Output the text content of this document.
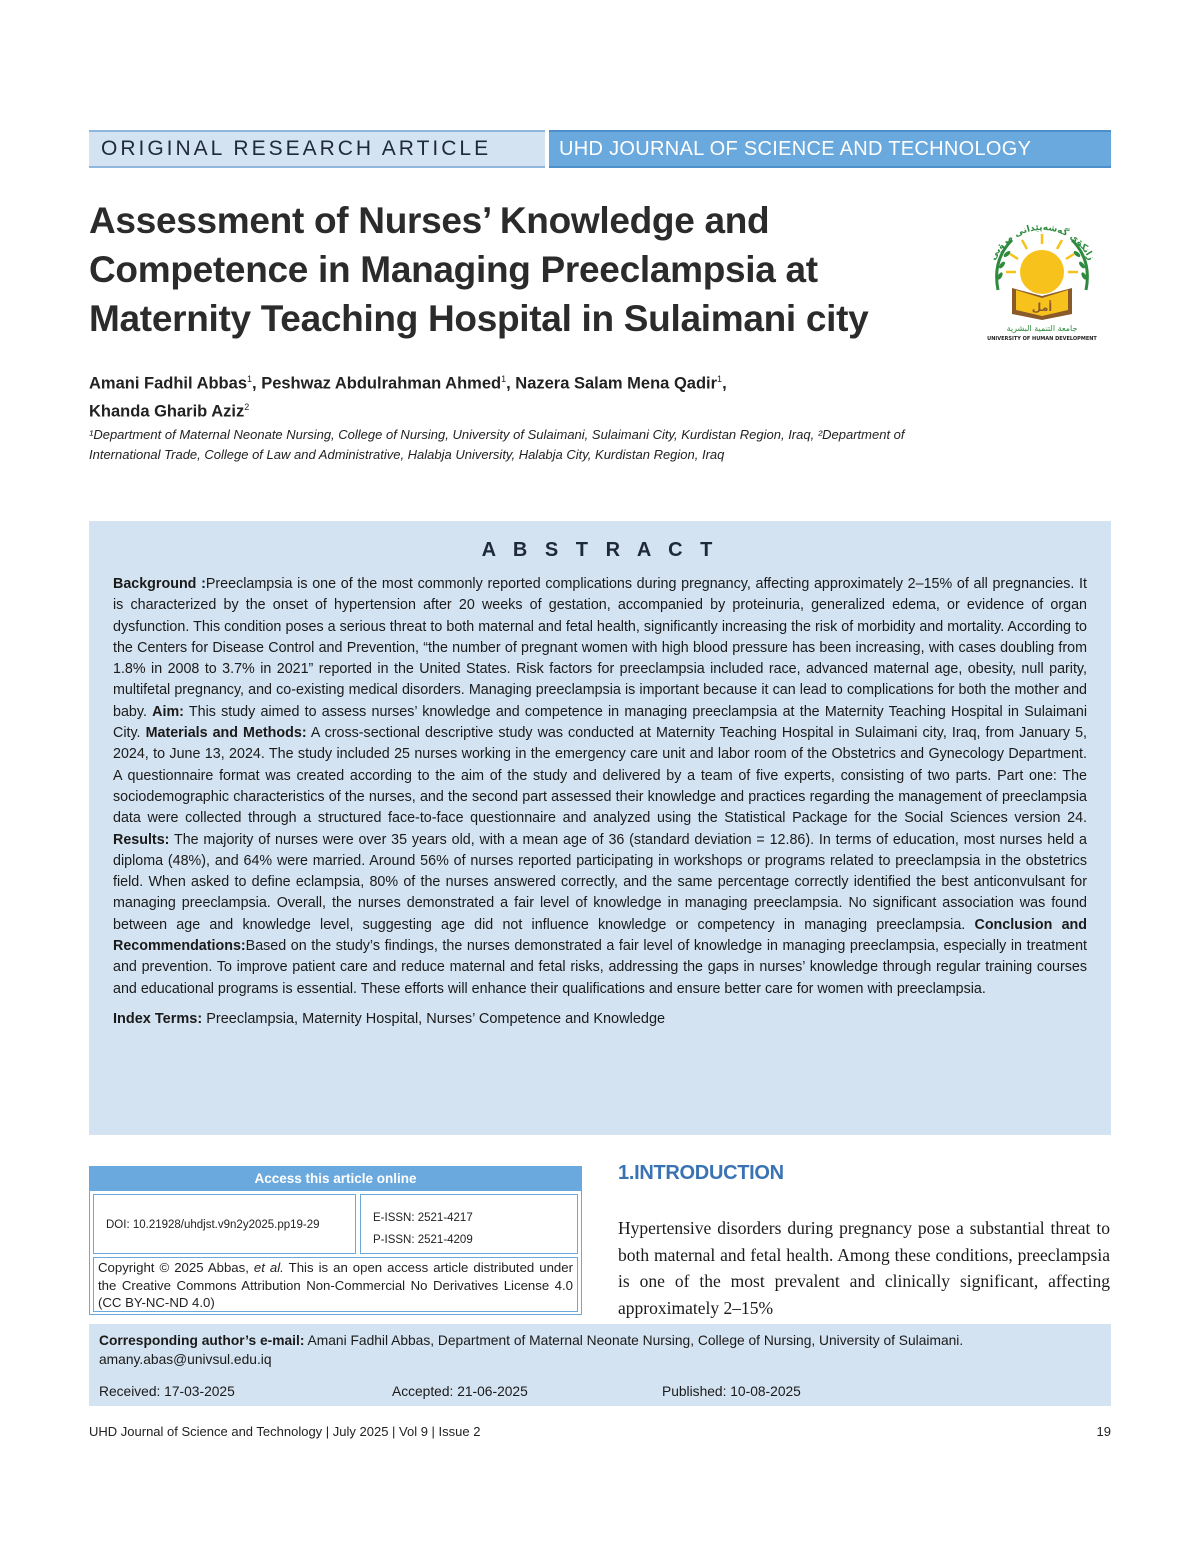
ORIGINAL RESEARCH ARTICLE	UHD JOURNAL OF SCIENCE AND TECHNOLOGY
Assessment of Nurses’ Knowledge and Competence in Managing Preeclampsia at Maternity Teaching Hospital in Sulaimani city
زانکۆی گەشەپێدانی مرۆیی
أمل
جامعة التنمية البشرية
UNIVERSITY OF HUMAN DEVELOPMENT
Amani Fadhil Abbas$^1$, Peshwaz Abdulrahman Ahmed$^1$, Nazera Salam Mena Qadir$^1$,
Khanda Gharib Aziz$^2$
¹Department of Maternal Neonate Nursing, College of Nursing, University of Sulaimani, Sulaimani City, Kurdistan Region, Iraq, ²Department of International Trade, College of Law and Administrative, Halabja University, Halabja City, Kurdistan Region, Iraq
A B S T R A C T

Background :Preeclampsia is one of the most commonly reported complications during pregnancy, affecting approximately 2–15% of all pregnancies. It is characterized by the onset of hypertension after 20 weeks of gestation, accompanied by proteinuria, generalized edema, or evidence of organ dysfunction. This condition poses a serious threat to both maternal and fetal health, significantly increasing the risk of morbidity and mortality. According to the Centers for Disease Control and Prevention, “the number of pregnant women with high blood pressure has been increasing, with cases doubling from 1.8% in 2008 to 3.7% in 2021” reported in the United States. Risk factors for preeclampsia included race, advanced maternal age, obesity, null parity, multifetal pregnancy, and co-existing medical disorders. Managing preeclampsia is important because it can lead to complications for both the mother and baby. Aim: This study aimed to assess nurses’ knowledge and competence in managing preeclampsia at the Maternity Teaching Hospital in Sulaimani City. Materials and Methods: A cross-sectional descriptive study was conducted at Maternity Teaching Hospital in Sulaimani city, Iraq, from January 5, 2024, to June 13, 2024. The study included 25 nurses working in the emergency care unit and labor room of the Obstetrics and Gynecology Department. A questionnaire format was created according to the aim of the study and delivered by a team of five experts, consisting of two parts. Part one: The sociodemographic characteristics of the nurses, and the second part assessed their knowledge and practices regarding the management of preeclampsia data were collected through a structured face-to-face questionnaire and analyzed using the Statistical Package for the Social Sciences version 24. Results: The majority of nurses were over 35 years old, with a mean age of 36 (standard deviation = 12.86). In terms of education, most nurses held a diploma (48%), and 64% were married. Around 56% of nurses reported participating in workshops or programs related to preeclampsia in the obstetrics field. When asked to define eclampsia, 80% of the nurses answered correctly, and the same percentage correctly identified the best anticonvulsant for managing preeclampsia. Overall, the nurses demonstrated a fair level of knowledge in managing preeclampsia. No significant association was found between age and knowledge level, suggesting age did not influence knowledge or competency in managing preeclampsia. Conclusion and Recommendations:Based on the study’s findings, the nurses demonstrated a fair level of knowledge in managing preeclampsia, especially in treatment and prevention. To improve patient care and reduce maternal and fetal risks, addressing the gaps in nurses’ knowledge through regular training courses and educational programs is essential. These efforts will enhance their qualifications and ensure better care for women with preeclampsia.

Index Terms: Preeclampsia, Maternity Hospital, Nurses’ Competence and Knowledge
Access this article online
DOI: 10.21928/uhdjst.v9n2y2025.pp19-29
E-ISSN: 2521-4217
P-ISSN: 2521-4209
Copyright © 2025 Abbas, et al. This is an open access article distributed under the Creative Commons Attribution Non-Commercial No Derivatives License 4.0 (CC BY-NC-ND 4.0)
1.INTRODUCTION

Hypertensive disorders during pregnancy pose a substantial threat to both maternal and fetal health. Among these conditions, preeclampsia is one of the most prevalent and clinically significant, affecting approximately 2–15%

Corresponding author’s e-mail: Amani Fadhil Abbas, Department of Maternal Neonate Nursing, College of Nursing, University of Sulaimani. amany.abas@univsul.edu.iq
Received: 17-03-2025	Accepted: 21-06-2025	Published: 10-08-2025
UHD Journal of Science and Technology | July 2025 | Vol 9 | Issue 2	19
